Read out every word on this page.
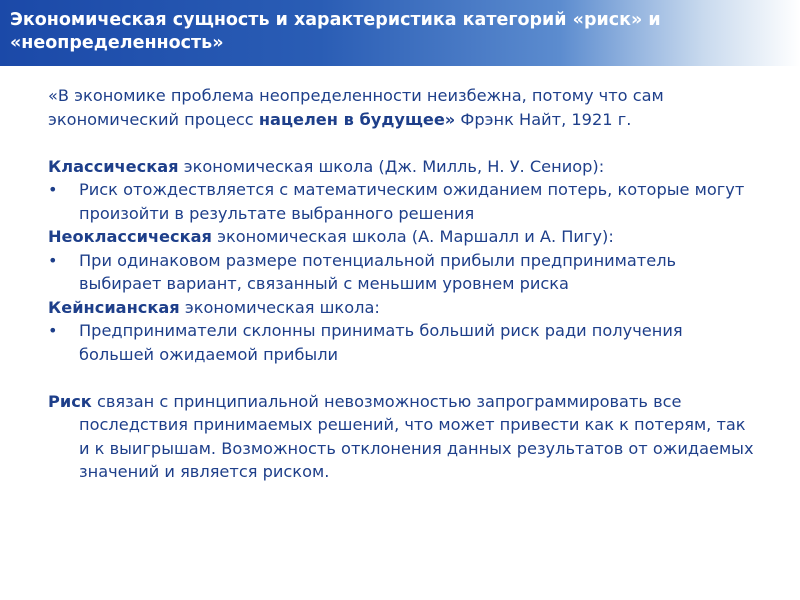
Экономическая сущность и характеристика категорий «риск» и
«неопределенность»

«В экономике проблема неопределенности неизбежна, потому что сам

экономический процесс нацелен в будущее» Фрэнк Найт, 1921 г.

Классическая экономическая школа (Дж. Милль, Н. У. Сениор):

• Риск отождествляется с математическим ожиданием потерь, которые могут произойти в результате выбранного решения

Неоклассическая экономическая школа (А. Маршалл и А. Пигу):

• При одинаковом размере потенциальной прибыли предприниматель выбирает вариант, связанный с меньшим уровнем риска

Кейнсианская экономическая школа:

• Предприниматели склонны принимать больший риск ради получения большей ожидаемой прибыли

Риск связан с принципиальной невозможностью запрограммировать все последствия принимаемых решений, что может привести как к потерям, так и к выигрышам. Возможность отклонения данных результатов от ожидаемых значений и является риском.
